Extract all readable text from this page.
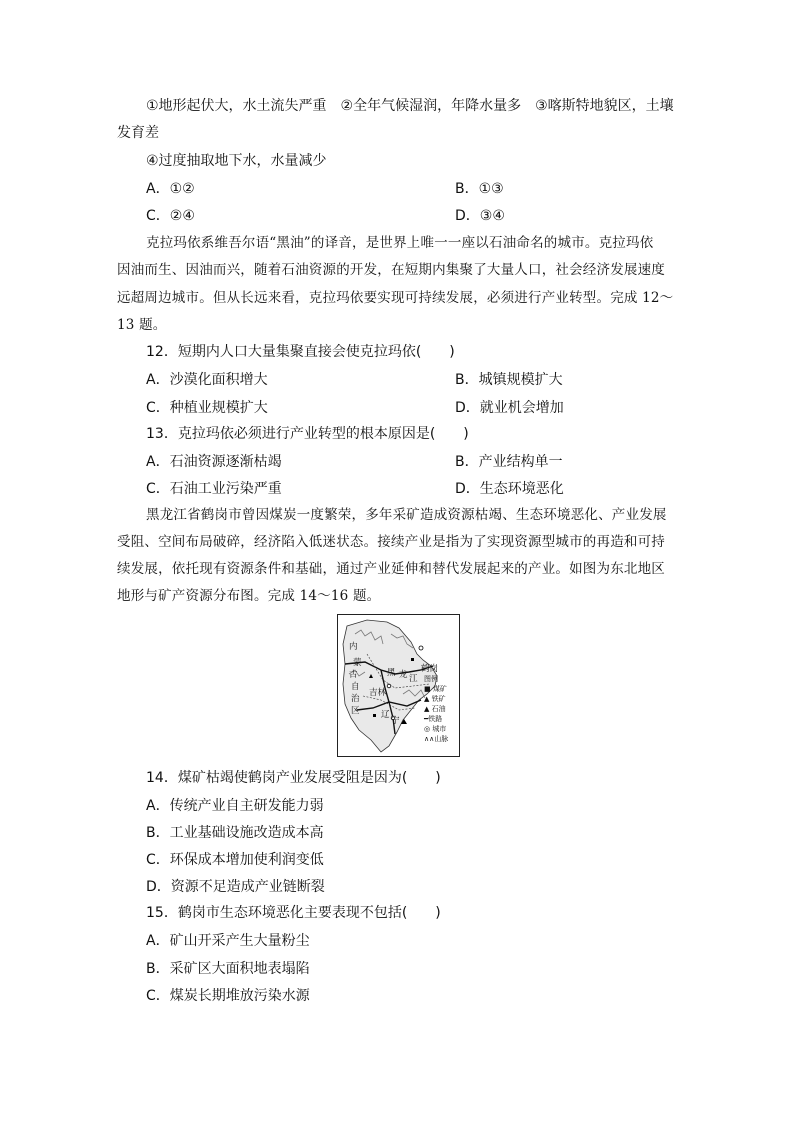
①地形起伏大，水土流失严重　②全年气候湿润，年降水量多　③喀斯特地貌区，土壤
发育差
④过度抽取地下水，水量减少
A．①②	B．①③
C．②④	D．③④
克拉玛依系维吾尔语“黑油”的译音，是世界上唯一一座以石油命名的城市。克拉玛依
因油而生、因油而兴，随着石油资源的开发，在短期内集聚了大量人口，社会经济发展速度
远超周边城市。但从长远来看，克拉玛依要实现可持续发展，必须进行产业转型。完成 12～
13 题。
12．短期内人口大量集聚直接会使克拉玛依(　　)
A．沙漠化面积增大	B．城镇规模扩大
C．种植业规模扩大	D．就业机会增加
13．克拉玛依必须进行产业转型的根本原因是(　　)
A．石油资源逐渐枯竭	B．产业结构单一
C．石油工业污染严重	D．生态环境恶化
黑龙江省鹤岗市曾因煤炭一度繁荣，多年采矿造成资源枯竭、生态环境恶化、产业发展
受阻、空间布局破碎，经济陷入低迷状态。接续产业是指为了实现资源型城市的再造和可持
续发展，依托现有资源条件和基础，通过产业延伸和替代发展起来的产业。如图为东北地区
地形与矿产资源分布图。完成 14～16 题。
内
蒙
古
自
治
区
黑 龙 江
鹤岗
吉林
辽
宁
图例
■ 煤矿
▲ 铁矿
▲ 石油
━铁路
◎ 城市
∧∧山脉
14．煤矿枯竭使鹤岗产业发展受阻是因为(　　)
A．传统产业自主研发能力弱
B．工业基础设施改造成本高
C．环保成本增加使利润变低
D．资源不足造成产业链断裂
15．鹤岗市生态环境恶化主要表现不包括(　　)
A．矿山开采产生大量粉尘
B．采矿区大面积地表塌陷
C．煤炭长期堆放污染水源
